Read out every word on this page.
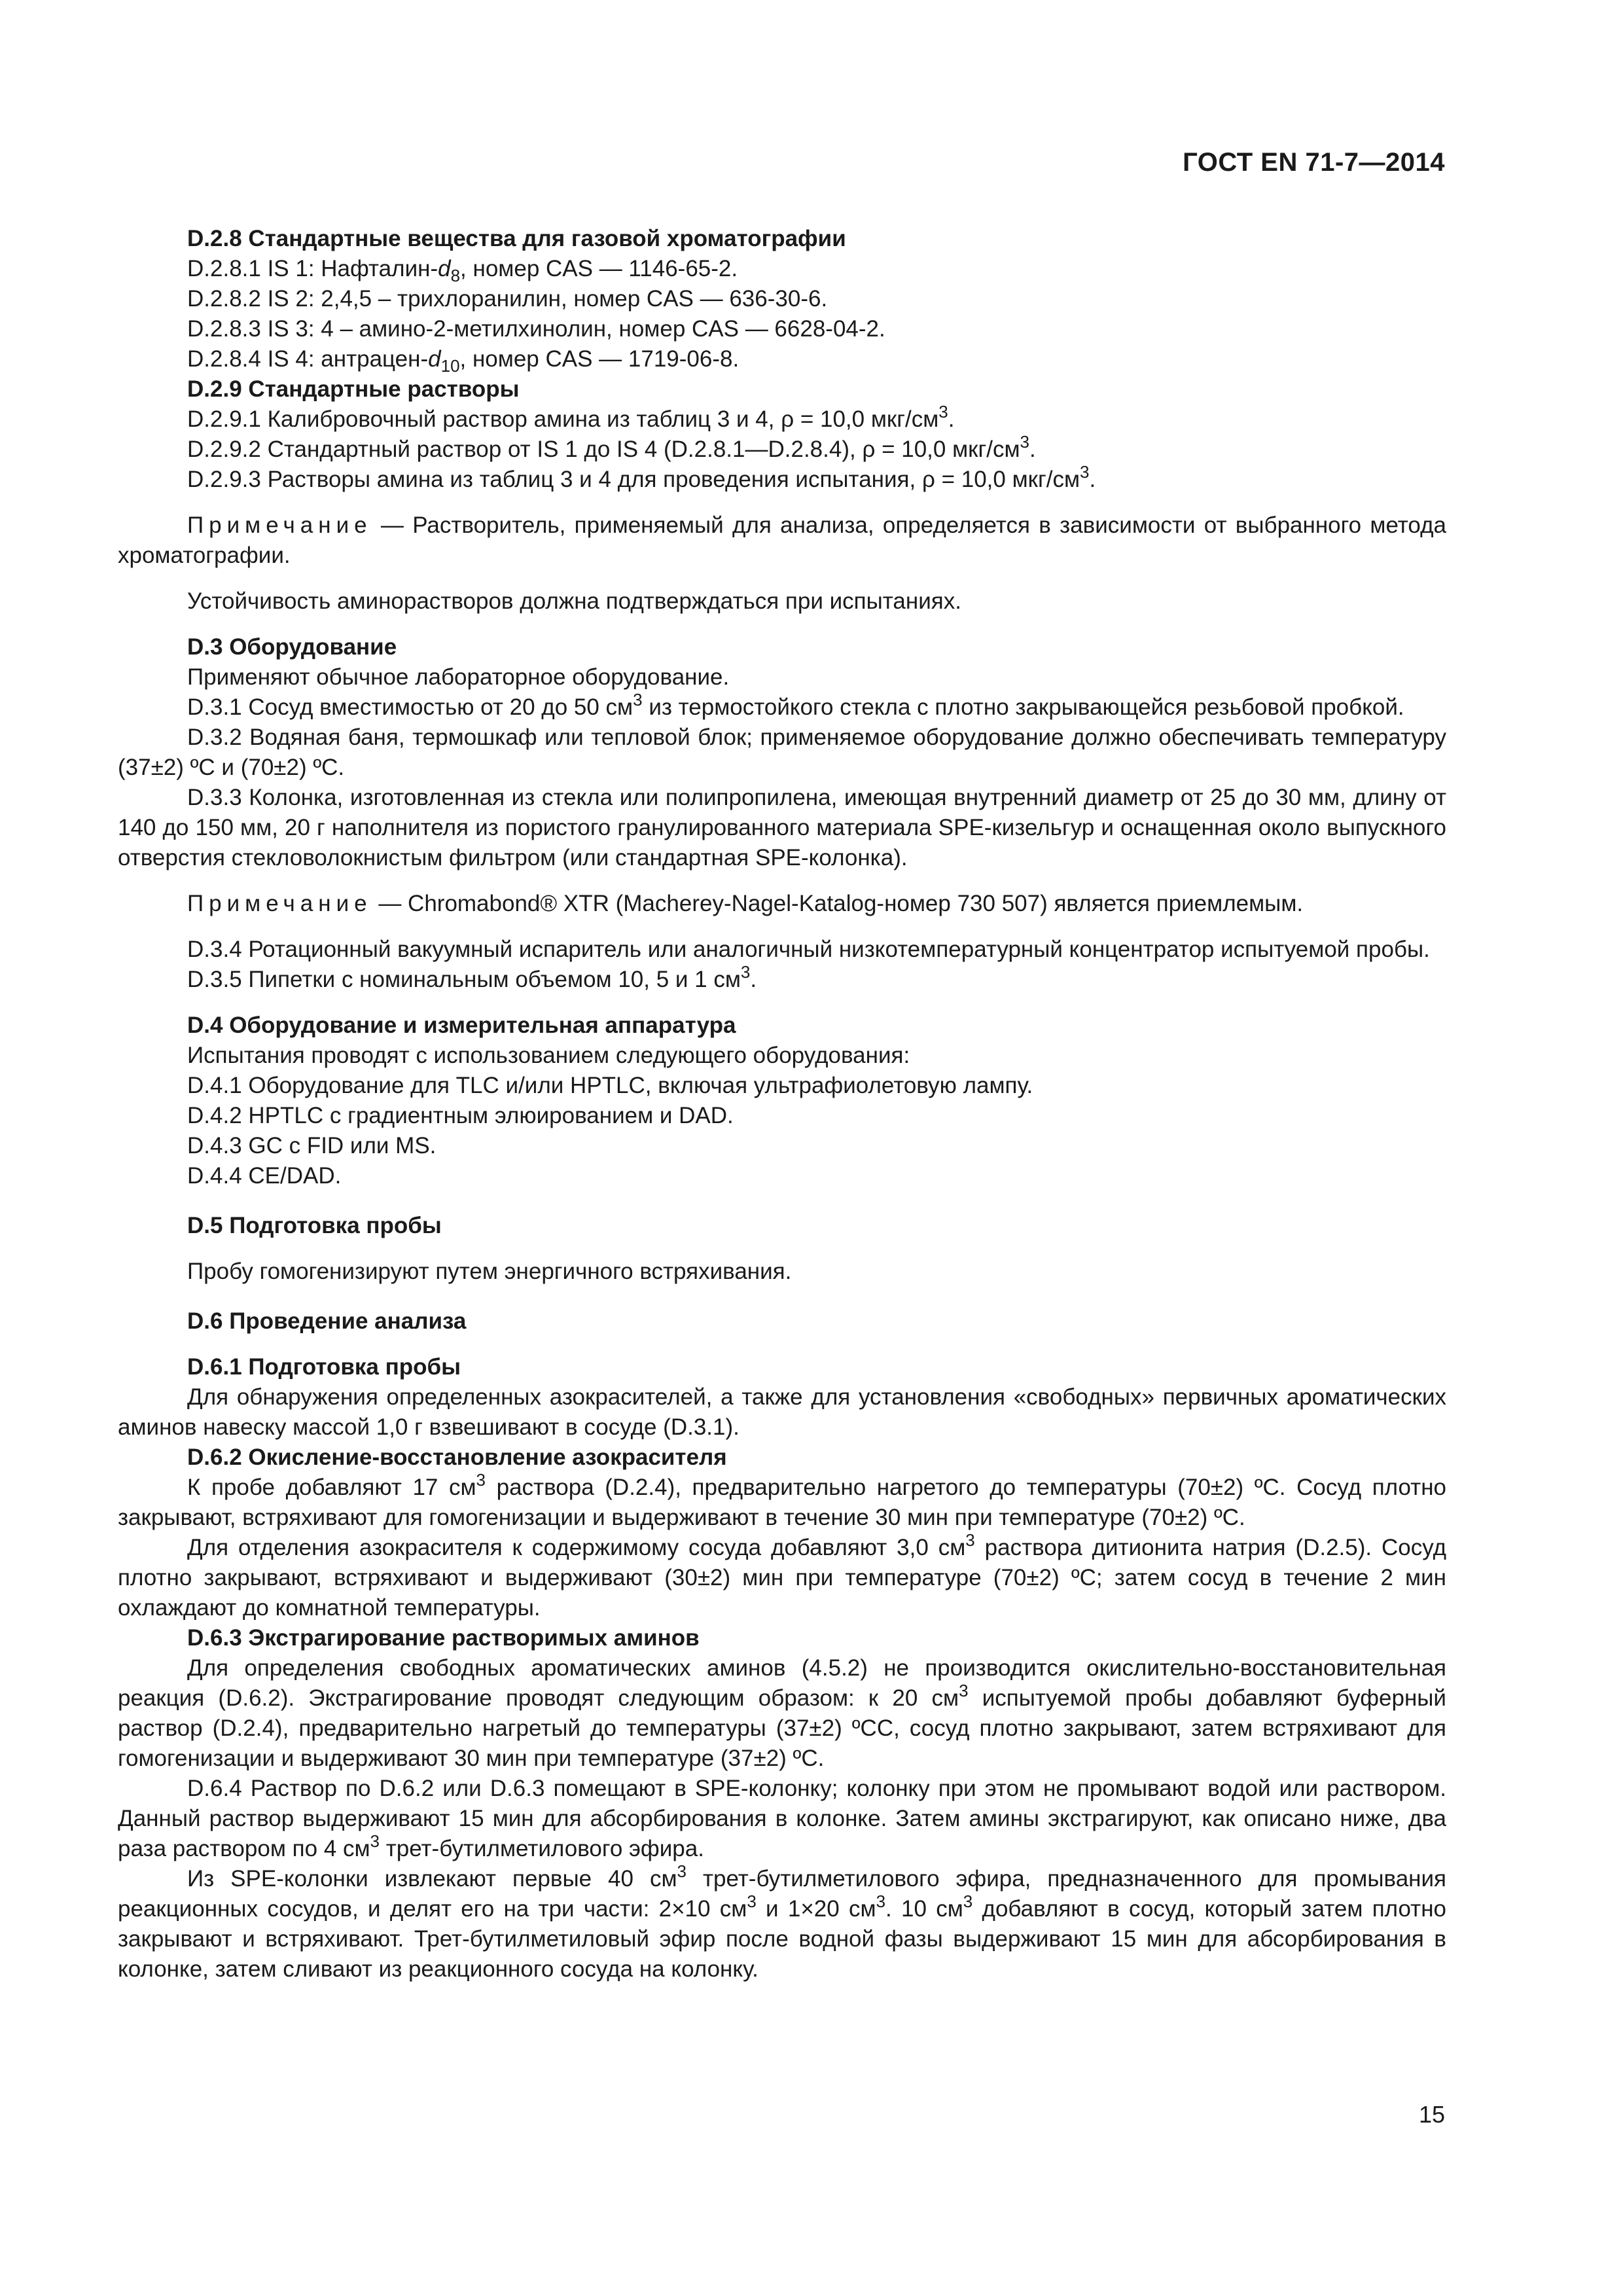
ГОСТ EN 71-7—2014

D.2.8 Стандартные вещества для газовой хроматографии

D.2.8.1 IS 1: Нафталин-$d_8$, номер CAS — 1146-65-2.

D.2.8.2 IS 2: 2,4,5 – трихлоранилин, номер CAS — 636-30-6.

D.2.8.3 IS 3: 4 – амино-2-метилхинолин, номер CAS — 6628-04-2.

D.2.8.4 IS 4: антрацен-$d_{10}$, номер CAS — 1719-06-8.

D.2.9 Стандартные растворы

D.2.9.1 Калибровочный раствор амина из таблиц 3 и 4, ρ = 10,0 мкг/$см^3$.

D.2.9.2 Стандартный раствор от IS 1 до IS 4 (D.2.8.1—D.2.8.4), ρ = 10,0 мкг/$см^3$.

D.2.9.3 Растворы амина из таблиц 3 и 4 для проведения испытания, ρ = 10,0 мкг/$см^3$.

Примечание — Растворитель, применяемый для анализа, определяется в зависимости от выбранного метода хроматографии.

Устойчивость аминорастворов должна подтверждаться при испытаниях.

D.3 Оборудование

Применяют обычное лабораторное оборудование.

D.3.1 Сосуд вместимостью от 20 до 50 $см^3$ из термостойкого стекла с плотно закрывающейся резьбовой пробкой.

D.3.2 Водяная баня, термошкаф или тепловой блок; применяемое оборудование должно обеспечивать температуру (37±2) ºC и (70±2) ºC.

D.3.3 Колонка, изготовленная из стекла или полипропилена, имеющая внутренний диаметр от 25 до 30 мм, длину от 140 до 150 мм, 20 г наполнителя из пористого гранулированного материала SPE-кизельгур и оснащенная около выпускного отверстия стекловолокнистым фильтром (или стандартная SPE-колонка).

Примечание — Chromabond® XTR (Macherey-Nagel-Katalog-номер 730 507) является приемлемым.

D.3.4 Ротационный вакуумный испаритель или аналогичный низкотемпературный концентратор испытуемой пробы.

D.3.5 Пипетки с номинальным объемом 10, 5 и 1 $см^3$.

D.4 Оборудование и измерительная аппаратура

Испытания проводят с использованием следующего оборудования:

D.4.1 Оборудование для TLC и/или HPTLC, включая ультрафиолетовую лампу.

D.4.2 HPTLC с градиентным элюированием и DAD.

D.4.3 GC с FID или MS.

D.4.4 CE/DAD.

D.5 Подготовка пробы

Пробу гомогенизируют путем энергичного встряхивания.

D.6 Проведение анализа

D.6.1 Подготовка пробы

Для обнаружения определенных азокрасителей, а также для установления «свободных» первичных ароматических аминов навеску массой 1,0 г взвешивают в сосуде (D.3.1).

D.6.2 Окисление-восстановление азокрасителя

К пробе добавляют 17 $см^3$ раствора (D.2.4), предварительно нагретого до температуры (70±2) ºC. Сосуд плотно закрывают, встряхивают для гомогенизации и выдерживают в течение 30 мин при температуре (70±2) ºC.

Для отделения азокрасителя к содержимому сосуда добавляют 3,0 $см^3$ раствора дитионита натрия (D.2.5). Сосуд плотно закрывают, встряхивают и выдерживают (30±2) мин при температуре (70±2) ºC; затем сосуд в течение 2 мин охлаждают до комнатной температуры.

D.6.3 Экстрагирование растворимых аминов

Для определения свободных ароматических аминов (4.5.2) не производится окислительно-восстановительная реакция (D.6.2). Экстрагирование проводят следующим образом: к 20 $см^3$ испытуемой пробы добавляют буферный раствор (D.2.4), предварительно нагретый до температуры (37±2) ºCC, сосуд плотно закрывают, затем встряхивают для гомогенизации и выдерживают 30 мин при температуре (37±2) ºC.

D.6.4 Раствор по D.6.2 или D.6.3 помещают в SPE-колонку; колонку при этом не промывают водой или раствором. Данный раствор выдерживают 15 мин для абсорбирования в колонке. Затем амины экстрагируют, как описано ниже, два раза раствором по 4 $см^3$ трет-бутилметилового эфира.

Из SPE-колонки извлекают первые 40 $см^3$ трет-бутилметилового эфира, предназначенного для промывания реакционных сосудов, и делят его на три части: 2×10 $см^3$ и 1×20 $см^3$. 10 $см^3$ добавляют в сосуд, который затем плотно закрывают и встряхивают. Трет-бутилметиловый эфир после водной фазы выдерживают 15 мин для абсорбирования в колонке, затем сливают из реакционного сосуда на колонку.

15
